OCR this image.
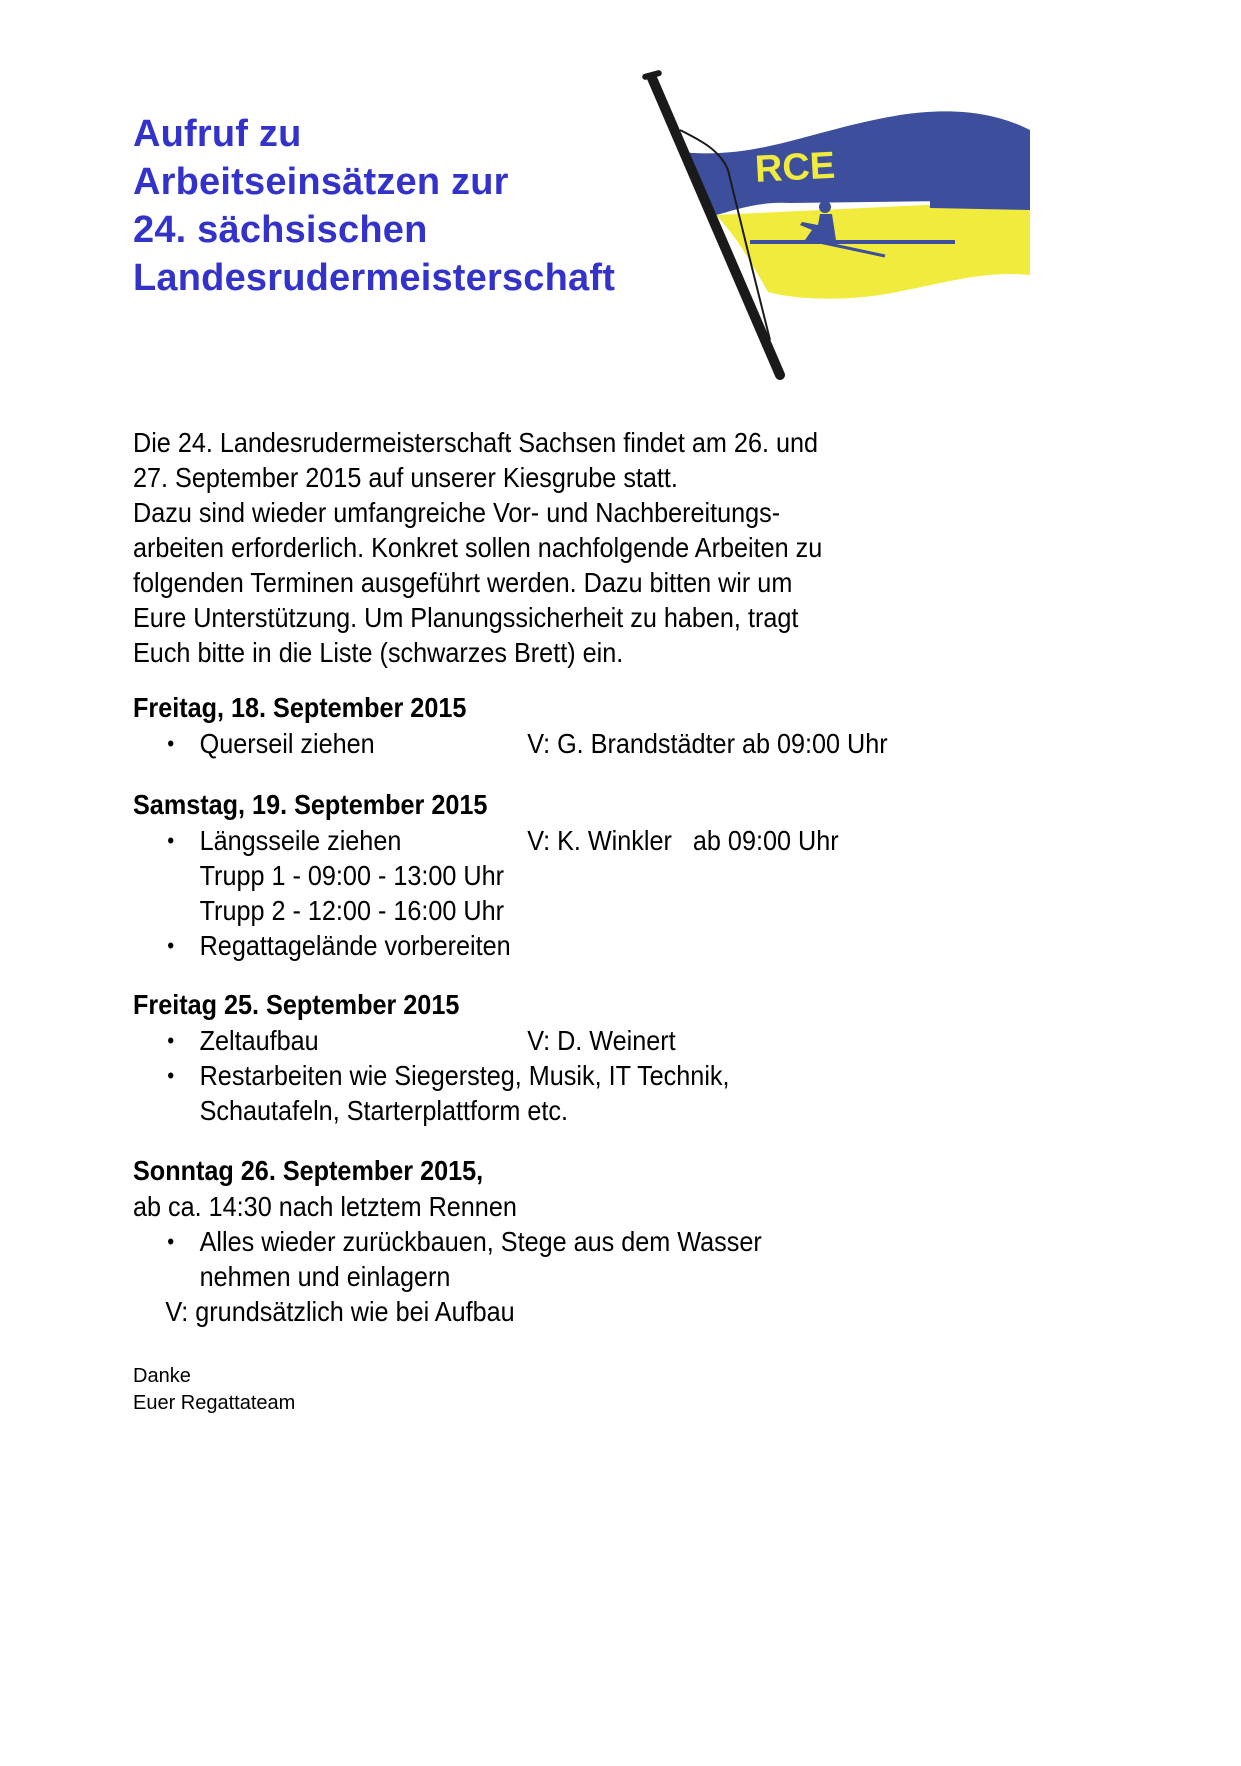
Aufruf zu
Arbeitseinsätzen zur
24. sächsischen
Landesrudermeisterschaft
RCE
Die 24. Landesrudermeisterschaft Sachsen findet am 26. und
27. September 2015 auf unserer Kiesgrube statt.
Dazu sind wieder umfangreiche Vor- und Nachbereitungs-
arbeiten erforderlich. Konkret sollen nachfolgende Arbeiten zu
folgenden Terminen ausgeführt werden. Dazu bitten wir um
Eure Unterstützung. Um Planungssicherheit zu haben, tragt
Euch bitte in die Liste (schwarzes Brett) ein.
Freitag, 18. September 2015
• Querseil ziehen	V: G. Brandstädter ab 09:00 Uhr
Samstag, 19. September 2015
• Längsseile ziehen	V: K. Winkler   ab 09:00 Uhr
Trupp 1 - 09:00 - 13:00 Uhr
Trupp 2 - 12:00 - 16:00 Uhr
• Regattagelände vorbereiten
Freitag 25. September 2015
• Zeltaufbau	V: D. Weinert
• Restarbeiten wie Siegersteg, Musik, IT Technik,
Schautafeln, Starterplattform etc.
Sonntag 26. September 2015,
ab ca. 14:30 nach letztem Rennen
• Alles wieder zurückbauen, Stege aus dem Wasser
nehmen und einlagern
V: grundsätzlich wie bei Aufbau
Danke
Euer Regattateam
